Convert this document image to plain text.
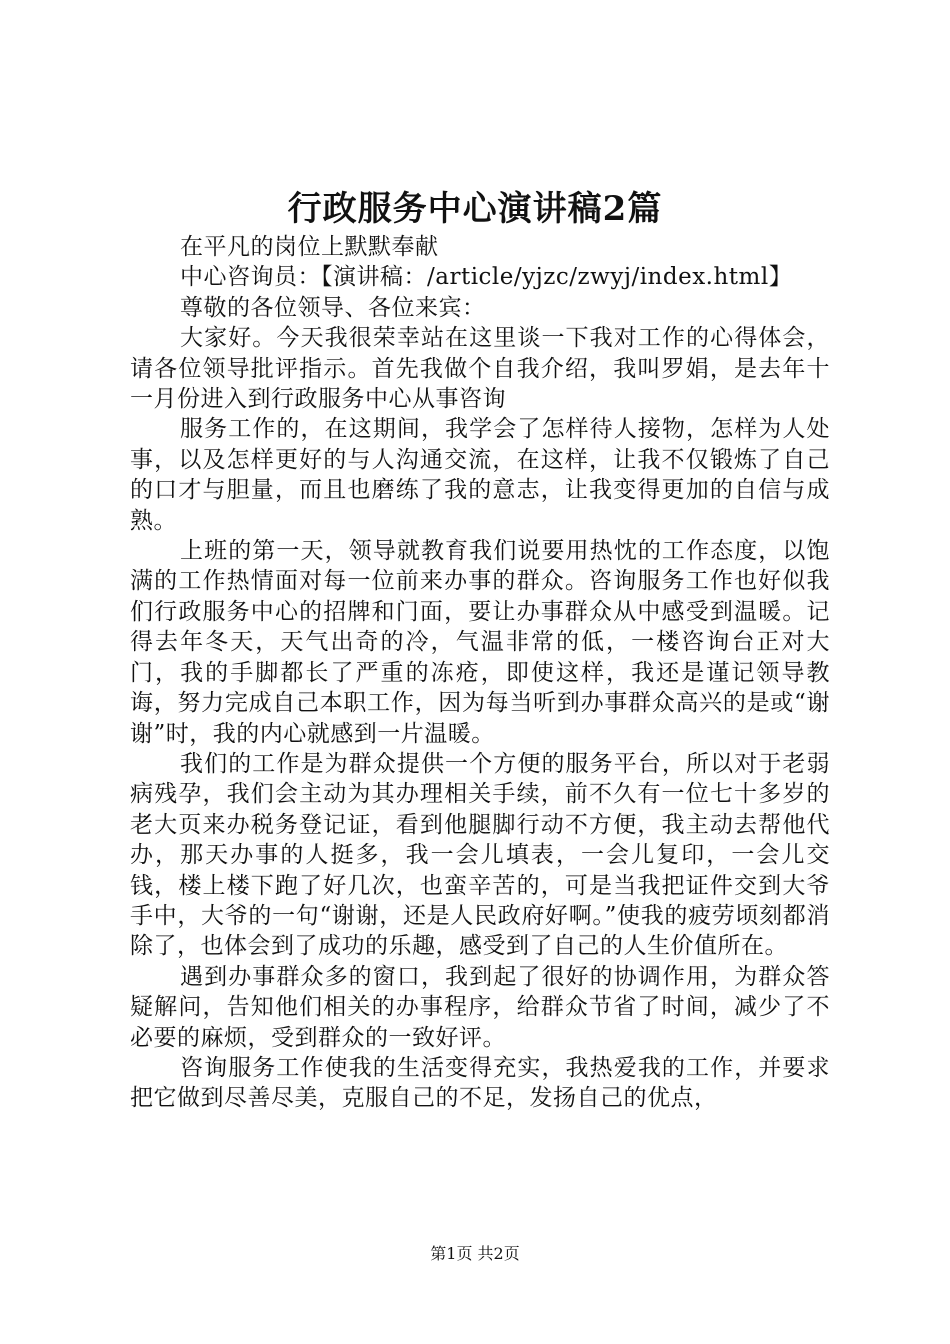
行政服务中心演讲稿2篇

在平凡的岗位上默默奉献

中心咨询员：【演讲稿：/article/yjzc/zwyj/index.html】

尊敬的各位领导、各位来宾：

大家好。今天我很荣幸站在这里谈一下我对工作的心得体会，请各位领导批评指示。首先我做个自我介绍，我叫罗娟，是去年十一月份进入到行政服务中心从事咨询

服务工作的，在这期间，我学会了怎样待人接物，怎样为人处事，以及怎样更好的与人沟通交流，在这样，让我不仅锻炼了自己的口才与胆量，而且也磨练了我的意志，让我变得更加的自信与成熟。

上班的第一天，领导就教育我们说要用热忱的工作态度，以饱满的工作热情面对每一位前来办事的群众。咨询服务工作也好似我们行政服务中心的招牌和门面，要让办事群众从中感受到温暖。记得去年冬天，天气出奇的冷，气温非常的低，一楼咨询台正对大门，我的手脚都长了严重的冻疮，即使这样，我还是谨记领导教诲，努力完成自己本职工作，因为每当听到办事群众高兴的是或“谢谢”时，我的内心就感到一片温暖。

我们的工作是为群众提供一个方便的服务平台，所以对于老弱病残孕，我们会主动为其办理相关手续，前不久有一位七十多岁的老大页来办税务登记证，看到他腿脚行动不方便，我主动去帮他代办，那天办事的人挺多，我一会儿填表，一会儿复印，一会儿交钱，楼上楼下跑了好几次，也蛮辛苦的，可是当我把证件交到大爷手中，大爷的一句“谢谢，还是人民政府好啊。”使我的疲劳顷刻都消除了，也体会到了成功的乐趣，感受到了自己的人生价值所在。

遇到办事群众多的窗口，我到起了很好的协调作用，为群众答疑解问，告知他们相关的办事程序，给群众节省了时间，减少了不必要的麻烦，受到群众的一致好评。

咨询服务工作使我的生活变得充实，我热爱我的工作，并要求把它做到尽善尽美，克服自己的不足，发扬自己的优点，

第1页 共2页
